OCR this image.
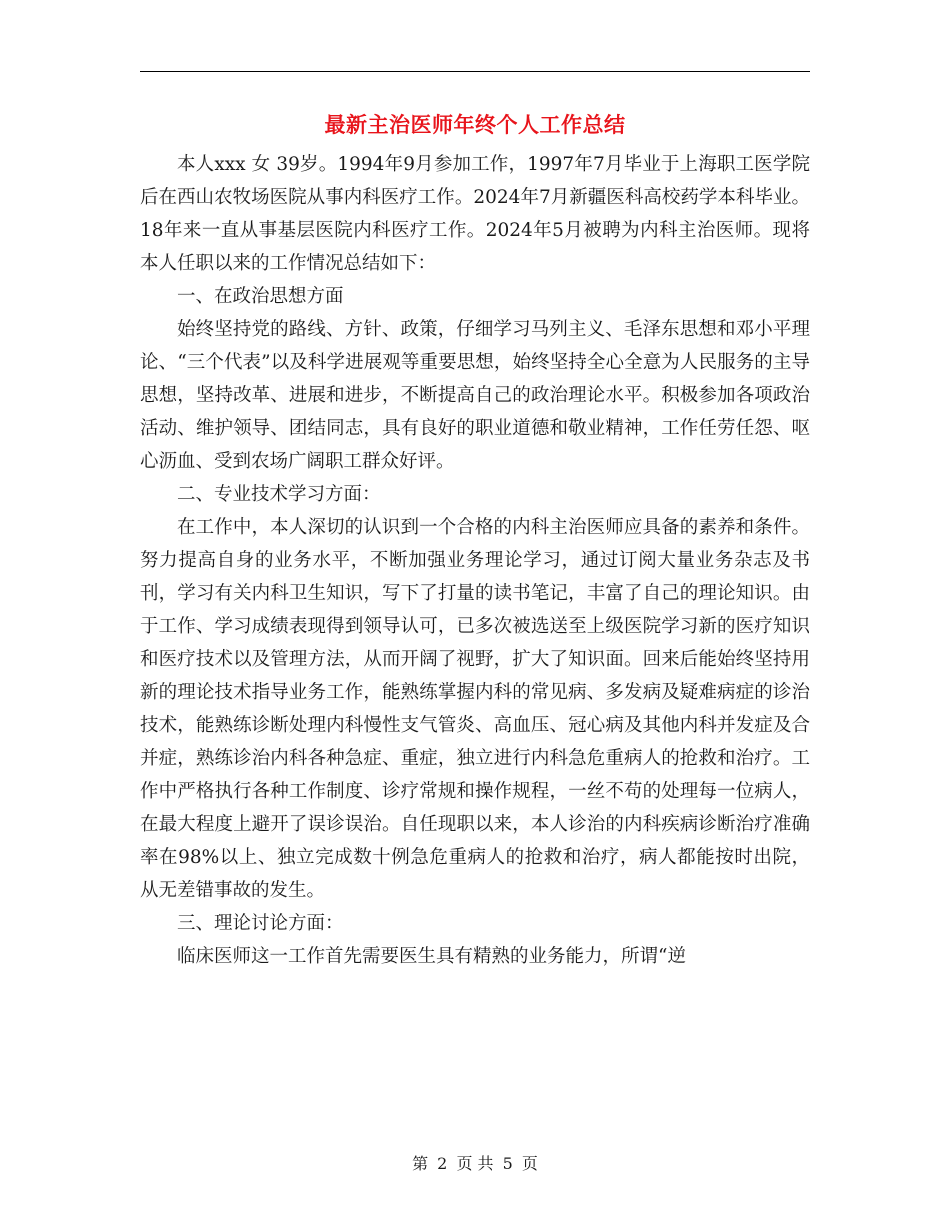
最新主治医师年终个人工作总结

本人xxx 女 39岁。1994年9月参加工作，1997年7月毕业于上海职工医学院后在西山农牧场医院从事内科医疗工作。2024年7月新疆医科高校药学本科毕业。18年来一直从事基层医院内科医疗工作。2024年5月被聘为内科主治医师。现将本人任职以来的工作情况总结如下：

一、在政治思想方面

始终坚持党的路线、方针、政策，仔细学习马列主义、毛泽东思想和邓小平理论、“三个代表”以及科学进展观等重要思想，始终坚持全心全意为人民服务的主导思想，坚持改革、进展和进步，不断提高自己的政治理论水平。积极参加各项政治活动、维护领导、团结同志，具有良好的职业道德和敬业精神，工作任劳任怨、呕心沥血、受到农场广阔职工群众好评。

二、专业技术学习方面：

在工作中，本人深切的认识到一个合格的内科主治医师应具备的素养和条件。努力提高自身的业务水平，不断加强业务理论学习，通过订阅大量业务杂志及书刊，学习有关内科卫生知识，写下了打量的读书笔记，丰富了自己的理论知识。由于工作、学习成绩表现得到领导认可，已多次被选送至上级医院学习新的医疗知识和医疗技术以及管理方法，从而开阔了视野，扩大了知识面。回来后能始终坚持用新的理论技术指导业务工作，能熟练掌握内科的常见病、多发病及疑难病症的诊治技术，能熟练诊断处理内科慢性支气管炎、高血压、冠心病及其他内科并发症及合并症，熟练诊治内科各种急症、重症，独立进行内科急危重病人的抢救和治疗。工作中严格执行各种工作制度、诊疗常规和操作规程，一丝不苟的处理每一位病人，在最大程度上避开了误诊误治。自任现职以来，本人诊治的内科疾病诊断治疗准确率在98%以上、独立完成数十例急危重病人的抢救和治疗，病人都能按时出院，从无差错事故的发生。

三、理论讨论方面：

临床医师这一工作首先需要医生具有精熟的业务能力，所谓“逆

第 2 页 共 5 页
